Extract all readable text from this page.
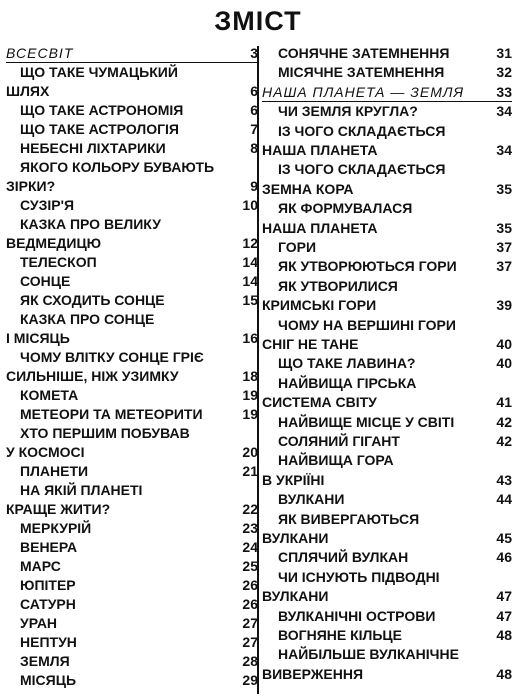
ЗМІСТ
ВСЕСВІТ	3
ЩО ТАКЕ ЧУМАЦЬКИЙ
ШЛЯХ	6
ЩО ТАКЕ АСТРОНОМІЯ	6
ЩО ТАКЕ АСТРОЛОГІЯ	7
НЕБЕСНІ ЛІХТАРИКИ	8
ЯКОГО КОЛЬОРУ БУВАЮТЬ
ЗІРКИ?	9
СУЗІР'Я	10
КАЗКА ПРО ВЕЛИКУ
ВЕДМЕДИЦЮ	12
ТЕЛЕСКОП	14
СОНЦЕ	14
ЯК СХОДИТЬ СОНЦЕ	15
КАЗКА ПРО СОНЦЕ
І МІСЯЦЬ	16
ЧОМУ ВЛІТКУ СОНЦЕ ГРІЄ
СИЛЬНІШЕ, НІЖ УЗИМКУ	18
КОМЕТА	19
МЕТЕОРИ ТА МЕТЕОРИТИ	19
ХТО ПЕРШИМ ПОБУВАВ
У КОСМОСІ	20
ПЛАНЕТИ	21
НА ЯКІЙ ПЛАНЕТІ
КРАЩЕ ЖИТИ?	22
МЕРКУРІЙ	23
ВЕНЕРА	24
МАРС	25
ЮПІТЕР	26
САТУРН	26
УРАН	27
НЕПТУН	27
ЗЕМЛЯ	28
МІСЯЦЬ	29
СОНЯЧНЕ ЗАТЕМНЕННЯ	31
МІСЯЧНЕ ЗАТЕМНЕННЯ	32
НАША ПЛАНЕТА — ЗЕМЛЯ 33
ЧИ ЗЕМЛЯ КРУГЛА?	34
ІЗ ЧОГО СКЛАДАЄТЬСЯ
НАША ПЛАНЕТА	34
ІЗ ЧОГО СКЛАДАЄТЬСЯ
ЗЕМНА КОРА	35
ЯК ФОРМУВАЛАСЯ
НАША ПЛАНЕТА	35
ГОРИ	37
ЯК УТВОРЮЮТЬСЯ ГОРИ	37
ЯК УТВОРИЛИСЯ
КРИМСЬКІ ГОРИ	39
ЧОМУ НА ВЕРШИНІ ГОРИ
СНІГ НЕ ТАНЕ	40
ЩО ТАКЕ ЛАВИНА?	40
НАЙВИЩА ГІРСЬКА
СИСТЕМА СВІТУ	41
НАЙВИЩЕ МІСЦЕ У СВІТІ	42
СОЛЯНИЙ ГІГАНТ	42
НАЙВИЩА ГОРА
В УКРІЇНІ	43
ВУЛКАНИ	44
ЯК ВИВЕРГАЮТЬСЯ
ВУЛКАНИ	45
СПЛЯЧИЙ ВУЛКАН	46
ЧИ ІСНУЮТЬ ПІДВОДНІ
ВУЛКАНИ	47
ВУЛКАНІЧНІ ОСТРОВИ	47
ВОГНЯНЕ КІЛЬЦЕ	48
НАЙБІЛЬШЕ ВУЛКАНІЧНЕ
ВИВЕРЖЕННЯ	48
